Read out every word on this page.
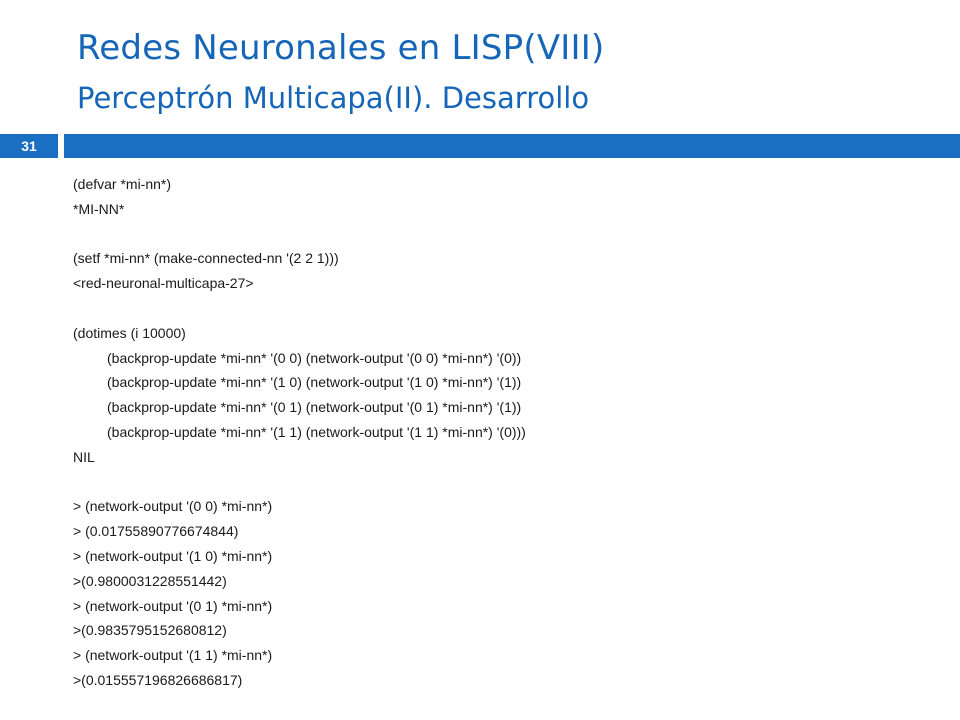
Redes Neuronales en LISP(VIII)
Perceptrón Multicapa(II). Desarrollo
31
(defvar *mi-nn*)
*MI-NN*
(setf *mi-nn* (make-connected-nn '(2 2 1)))
<red-neuronal-multicapa-27>
(dotimes (i 10000)
(backprop-update *mi-nn* '(0 0) (network-output '(0 0) *mi-nn*) '(0))
(backprop-update *mi-nn* '(1 0) (network-output '(1 0) *mi-nn*) '(1))
(backprop-update *mi-nn* '(0 1) (network-output '(0 1) *mi-nn*) '(1))
(backprop-update *mi-nn* '(1 1) (network-output '(1 1) *mi-nn*) '(0)))
NIL
> (network-output '(0 0) *mi-nn*)
> (0.01755890776674844)
> (network-output '(1 0) *mi-nn*)
>(0.9800031228551442)
> (network-output '(0 1) *mi-nn*)
>(0.9835795152680812)
> (network-output '(1 1) *mi-nn*)
>(0.015557196826686817)
